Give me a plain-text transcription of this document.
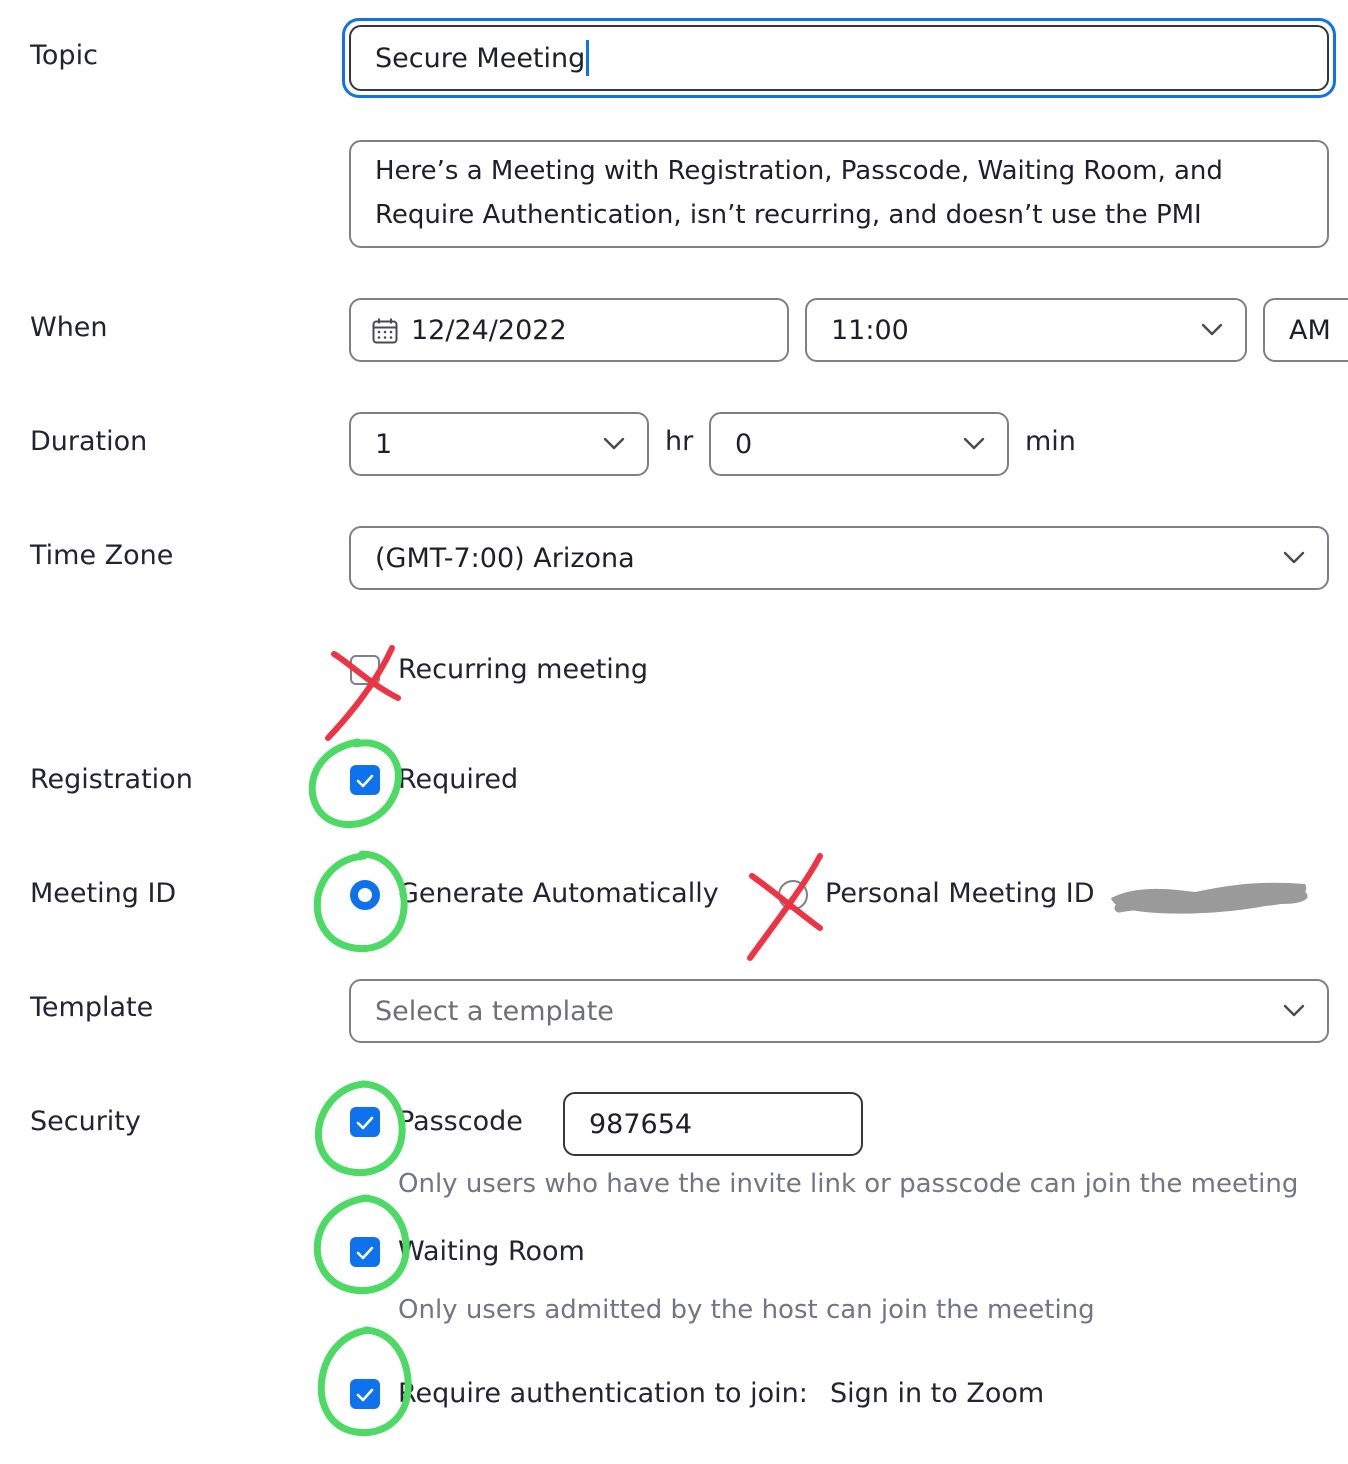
Topic	Secure Meeting
Here’s a Meeting with Registration, Passcode, Waiting Room, and
Require Authentication, isn’t recurring, and doesn’t use the PMI
When	12/24/2022	11:00	AM
Duration	1	hr	0	min
Time Zone	(GMT-7:00) Arizona
Recurring meeting
Registration	Required
Meeting ID	Generate Automatically	Personal Meeting ID
Template	Select a template
Security	Passcode	987654
Only users who have the invite link or passcode can join the meeting
Waiting Room
Only users admitted by the host can join the meeting
Require authentication to join: Sign in to Zoom
